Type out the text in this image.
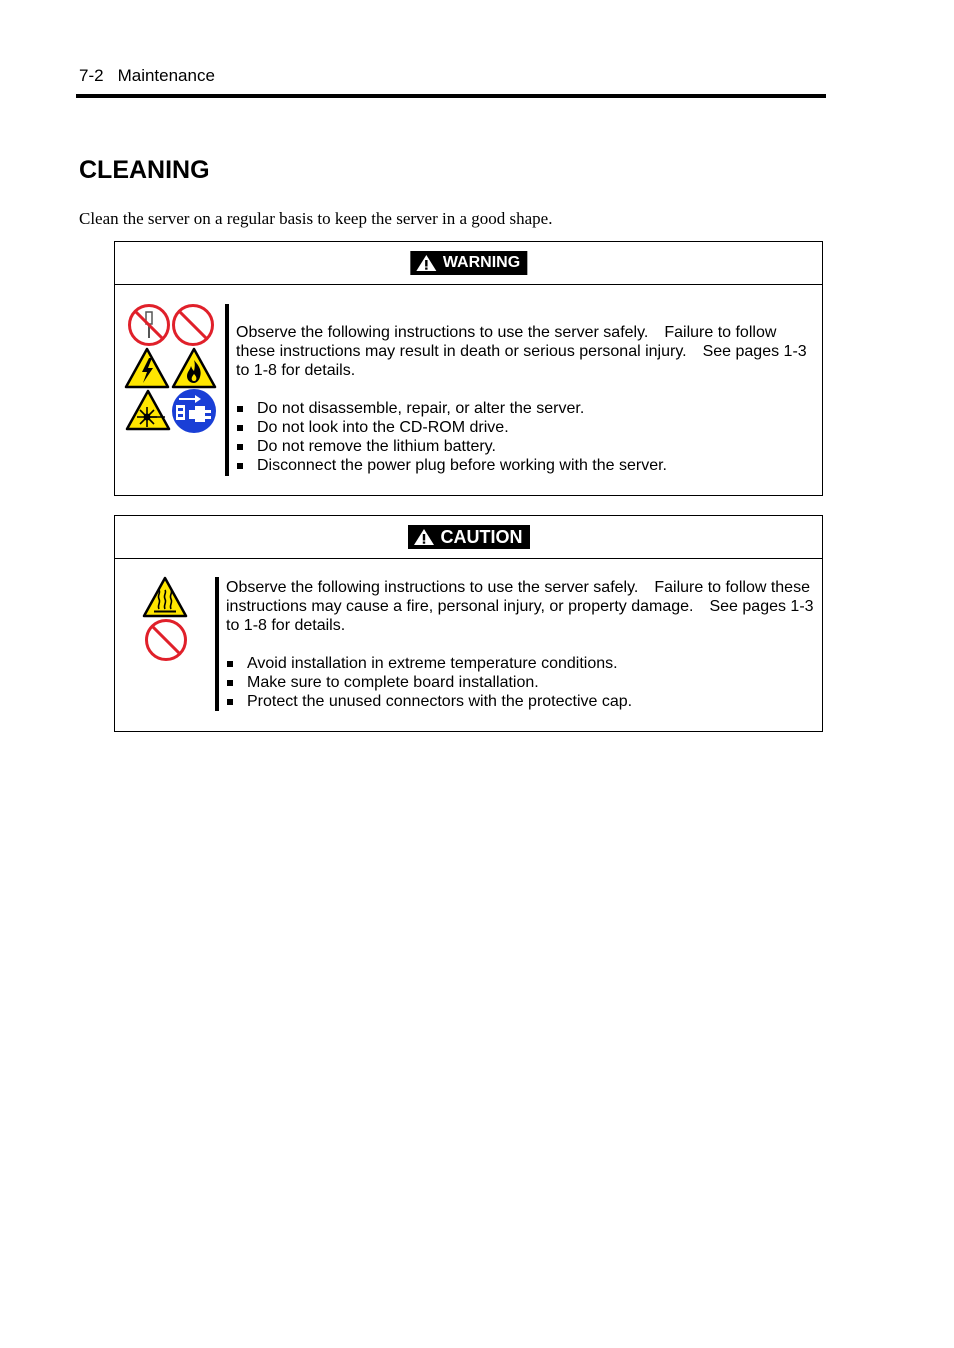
7-2 Maintenance
CLEANING
Clean the server on a regular basis to keep the server in a good shape.
WARNING

Observe the following instructions to use the server safely.　Failure to follow these instructions may result in death or serious personal injury.　See pages 1-3 to 1-8 for details.

Do not disassemble, repair, or alter the server.
Do not look into the CD-ROM drive.
Do not remove the lithium battery.
Disconnect the power plug before working with the server.
CAUTION

Observe the following instructions to use the server safely.　Failure to follow these instructions may cause a fire, personal injury, or property damage.　See pages 1-3 to 1-8 for details.

Avoid installation in extreme temperature conditions.
Make sure to complete board installation.
Protect the unused connectors with the protective cap.
